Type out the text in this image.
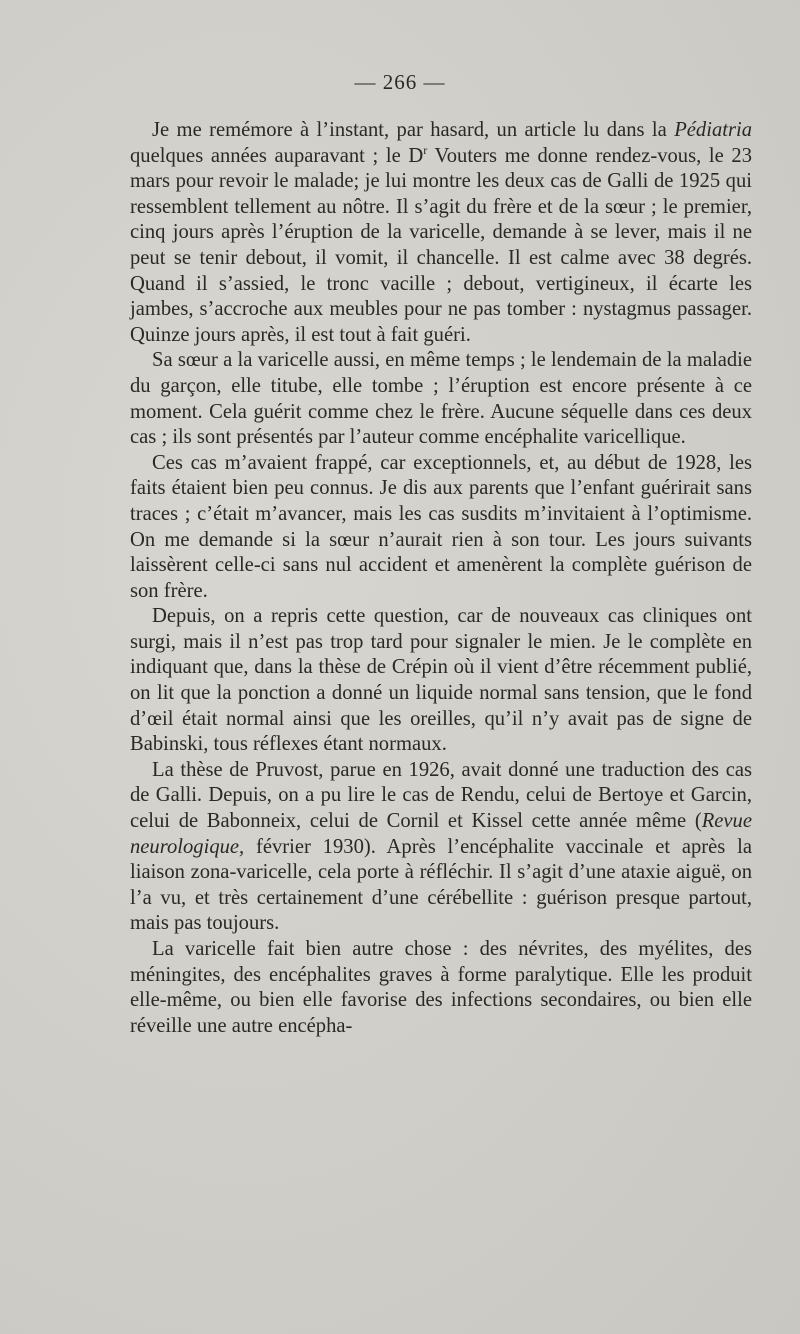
— 266 —

Je me remémore à l’instant, par hasard, un article lu dans la Pédiatria quelques années auparavant ; le $D^r$ Vouters me donne rendez-vous, le 23 mars pour revoir le malade; je lui montre les deux cas de Galli de 1925 qui ressemblent tellement au nôtre. Il s’agit du frère et de la sœur ; le premier, cinq jours après l’éruption de la varicelle, demande à se lever, mais il ne peut se tenir debout, il vomit, il chancelle. Il est calme avec 38 degrés. Quand il s’assied, le tronc vacille ; debout, vertigineux, il écarte les jambes, s’accroche aux meubles pour ne pas tomber : nystagmus passager. Quinze jours après, il est tout à fait guéri.

Sa sœur a la varicelle aussi, en même temps ; le lendemain de la maladie du garçon, elle titube, elle tombe ; l’éruption est encore présente à ce moment. Cela guérit comme chez le frère. Aucune séquelle dans ces deux cas ; ils sont présentés par l’auteur comme encéphalite varicellique.

Ces cas m’avaient frappé, car exceptionnels, et, au début de 1928, les faits étaient bien peu connus. Je dis aux parents que l’enfant guérirait sans traces ; c’était m’avancer, mais les cas susdits m’invitaient à l’optimisme. On me demande si la sœur n’aurait rien à son tour. Les jours suivants laissèrent celle-ci sans nul accident et amenèrent la complète guérison de son frère.

Depuis, on a repris cette question, car de nouveaux cas cliniques ont surgi, mais il n’est pas trop tard pour signaler le mien. Je le complète en indiquant que, dans la thèse de Crépin où il vient d’être récemment publié, on lit que la ponction a donné un liquide normal sans tension, que le fond d’œil était normal ainsi que les oreilles, qu’il n’y avait pas de signe de Babinski, tous réflexes étant normaux.

La thèse de Pruvost, parue en 1926, avait donné une traduction des cas de Galli. Depuis, on a pu lire le cas de Rendu, celui de Bertoye et Garcin, celui de Babonneix, celui de Cornil et Kissel cette année même (Revue neurologique, février 1930). Après l’encéphalite vaccinale et après la liaison zona-varicelle, cela porte à réfléchir. Il s’agit d’une ataxie aiguë, on l’a vu, et très certainement d’une cérébellite : guérison presque partout, mais pas toujours.

La varicelle fait bien autre chose : des névrites, des myélites, des méningites, des encéphalites graves à forme paralytique. Elle les produit elle-même, ou bien elle favorise des infections secondaires, ou bien elle réveille une autre encépha-
